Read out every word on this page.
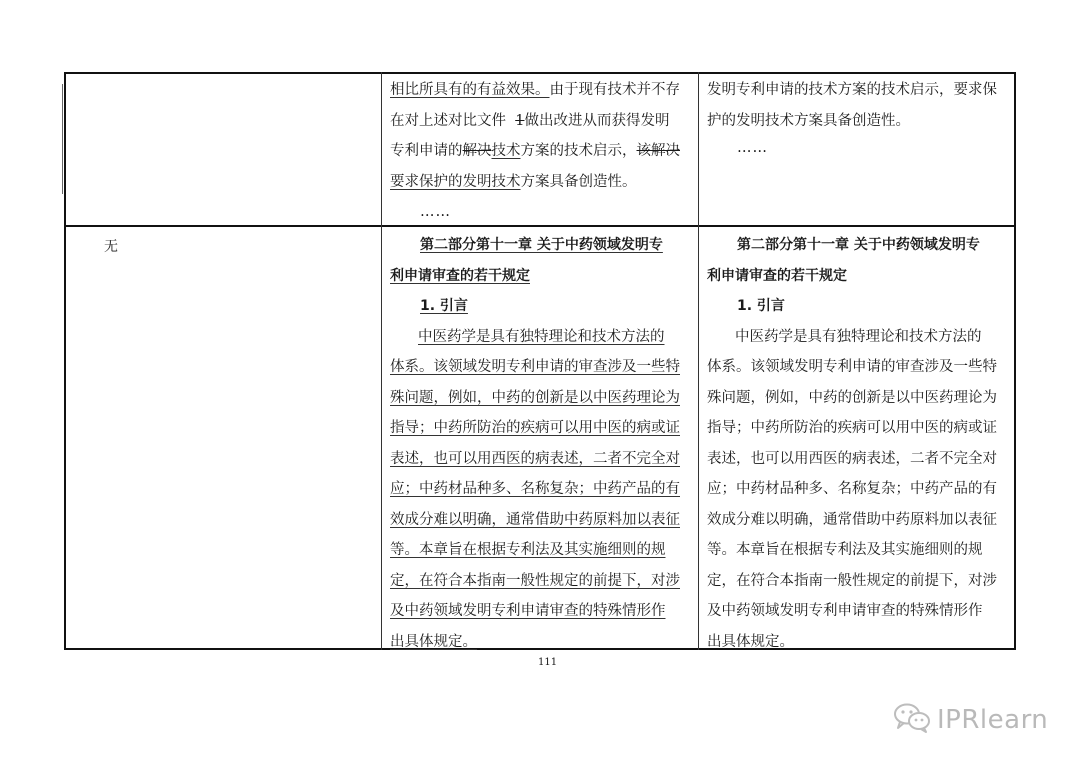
相比所具有的有益效果。由于现有技术并不存

在对上述对比文件 1做出改进从而获得发明

专利申请的解决技术方案的技术启示，该解决

要求保护的发明技术方案具备创造性。

……

发明专利申请的技术方案的技术启示，要求保

护的发明技术方案具备创造性。

……

无	第二部分第十一章 关于中药领域发明专

利申请审查的若干规定

1. 引言

中医药学是具有独特理论和技术方法的

体系。该领域发明专利申请的审查涉及一些特

殊问题，例如，中药的创新是以中医药理论为

指导；中药所防治的疾病可以用中医的病或证

表述，也可以用西医的病表述，二者不完全对

应；中药材品种多、名称复杂；中药产品的有

效成分难以明确，通常借助中药原料加以表征

等。本章旨在根据专利法及其实施细则的规

定，在符合本指南一般性规定的前提下，对涉

及中药领域发明专利申请审查的特殊情形作

出具体规定。

第二部分第十一章 关于中药领域发明专

利申请审查的若干规定

1. 引言

中医药学是具有独特理论和技术方法的

体系。该领域发明专利申请的审查涉及一些特

殊问题，例如，中药的创新是以中医药理论为

指导；中药所防治的疾病可以用中医的病或证

表述，也可以用西医的病表述，二者不完全对

应；中药材品种多、名称复杂；中药产品的有

效成分难以明确，通常借助中药原料加以表征

等。本章旨在根据专利法及其实施细则的规

定，在符合本指南一般性规定的前提下，对涉

及中药领域发明专利申请审查的特殊情形作

出具体规定。

111
IPRlearn
